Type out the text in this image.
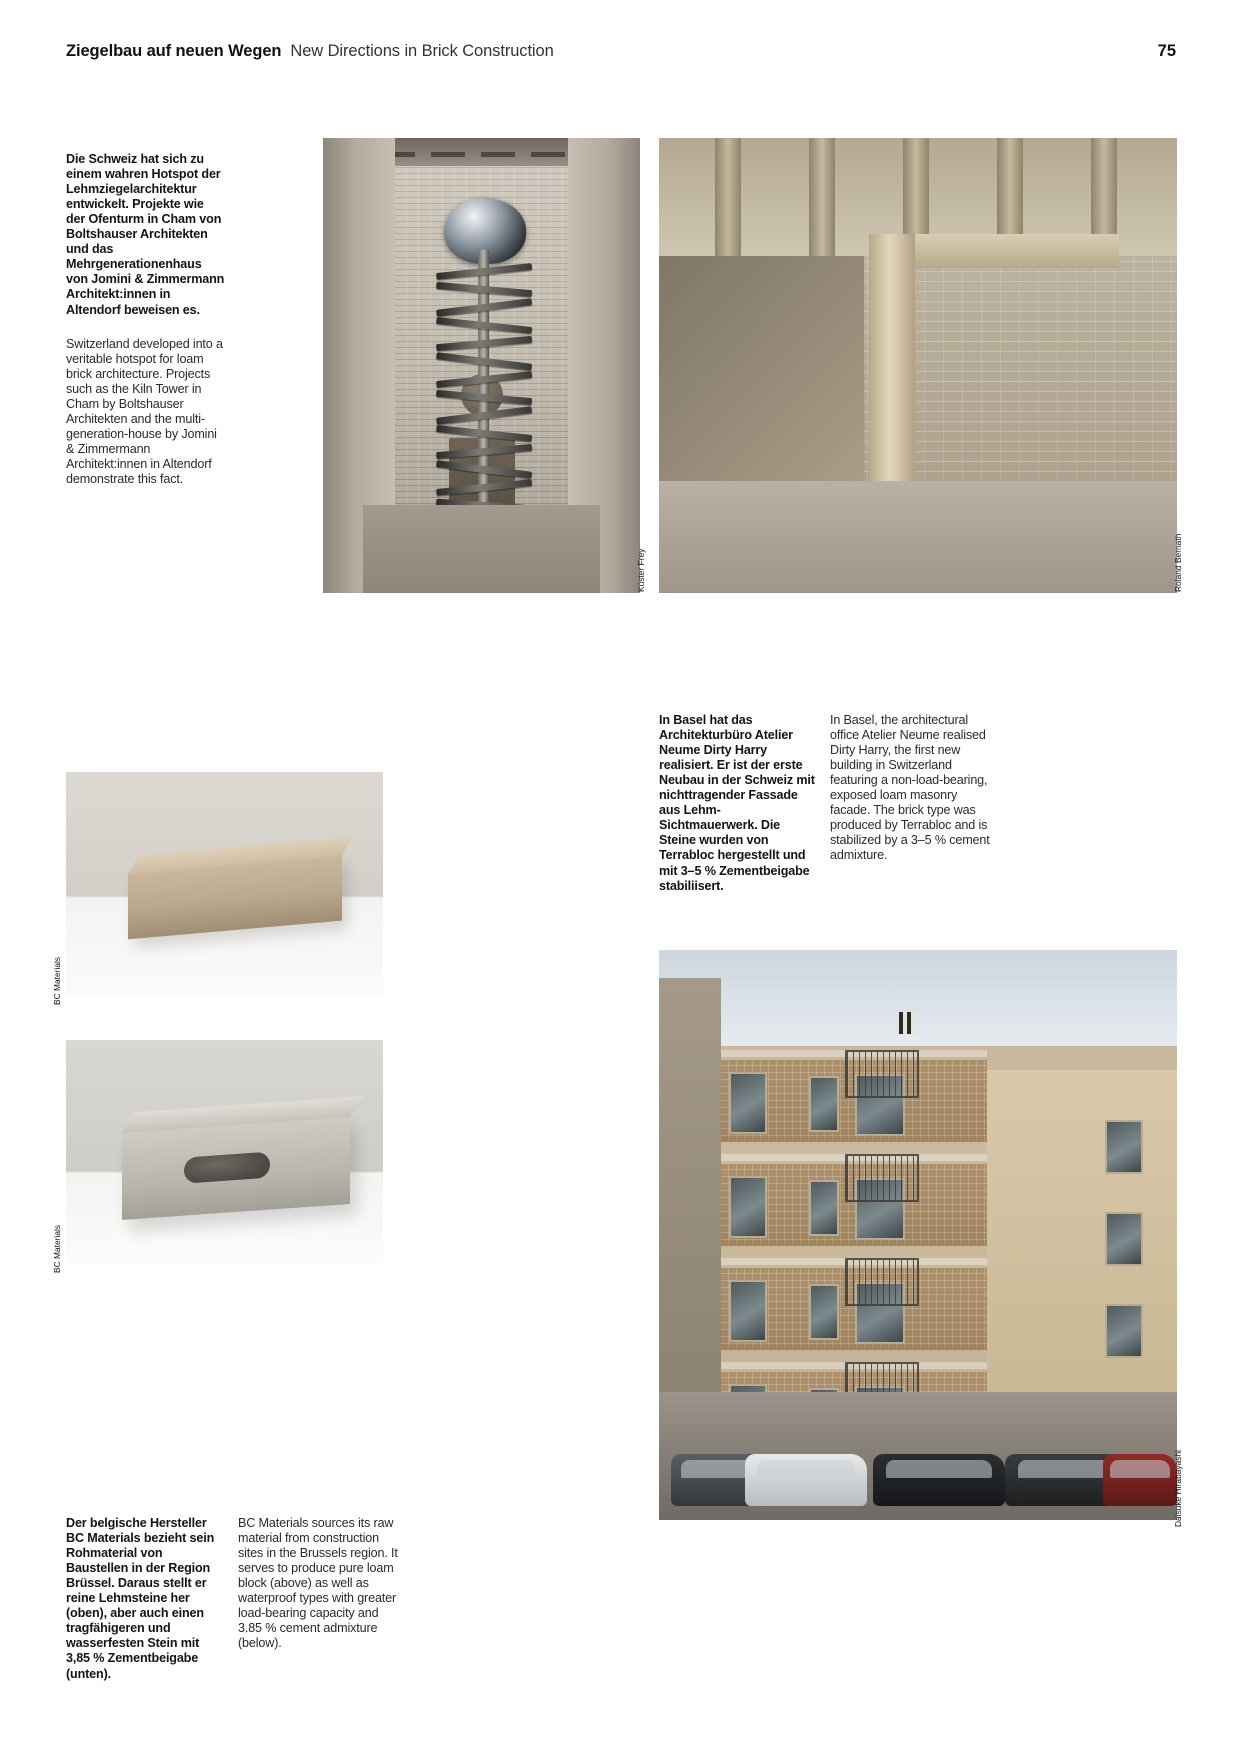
Ziegelbau auf neuen Wegen New Directions in Brick Construction	75

Die Schweiz hat sich zu einem wahren Hotspot der Lehmziegelarchitektur entwickelt. Projekte wie der Ofenturm in Cham von Boltshauser Architekten und das Mehrgenerationenhaus von Jomini & Zimmermann Architekt:innen in Altendorf beweisen es.

Switzerland developed into a veritable hotspot for loam brick architecture. Projects such as the Kiln Tower in Cham by Boltshauser Architekten and the multi-generation-house by Jomini & Zimmermann Architekt:innen in Altendorf demonstrate this fact.

Küster Frey	Roland Bernath

In Basel hat das Architekturbüro Atelier Neume Dirty Harry realisiert. Er ist der erste Neubau in der Schweiz mit nichttragender Fassade aus Lehm-Sichtmauerwerk. Die Steine wurden von Terrabloc hergestellt und mit 3–5 % Zementbeigabe stabiliisert.

In Basel, the architectural office Atelier Neume realised Dirty Harry, the first new building in Switzerland featuring a non-load-bearing, exposed loam masonry facade. The brick type was produced by Terrabloc and is stabilized by a 3–5 % cement admixture.

BC Materials
BC Materials
Daisuke Hirabayashi

Der belgische Hersteller BC Materials bezieht sein Rohmaterial von Baustellen in der Region Brüssel. Daraus stellt er reine Lehmsteine her (oben), aber auch einen tragfähigeren und wasserfesten Stein mit 3,85 % Zementbeigabe (unten).

BC Materials sources its raw material from construction sites in the Brussels region. It serves to produce pure loam block (above) as well as waterproof types with greater load-bearing capacity and 3.85 % cement admixture (below).
